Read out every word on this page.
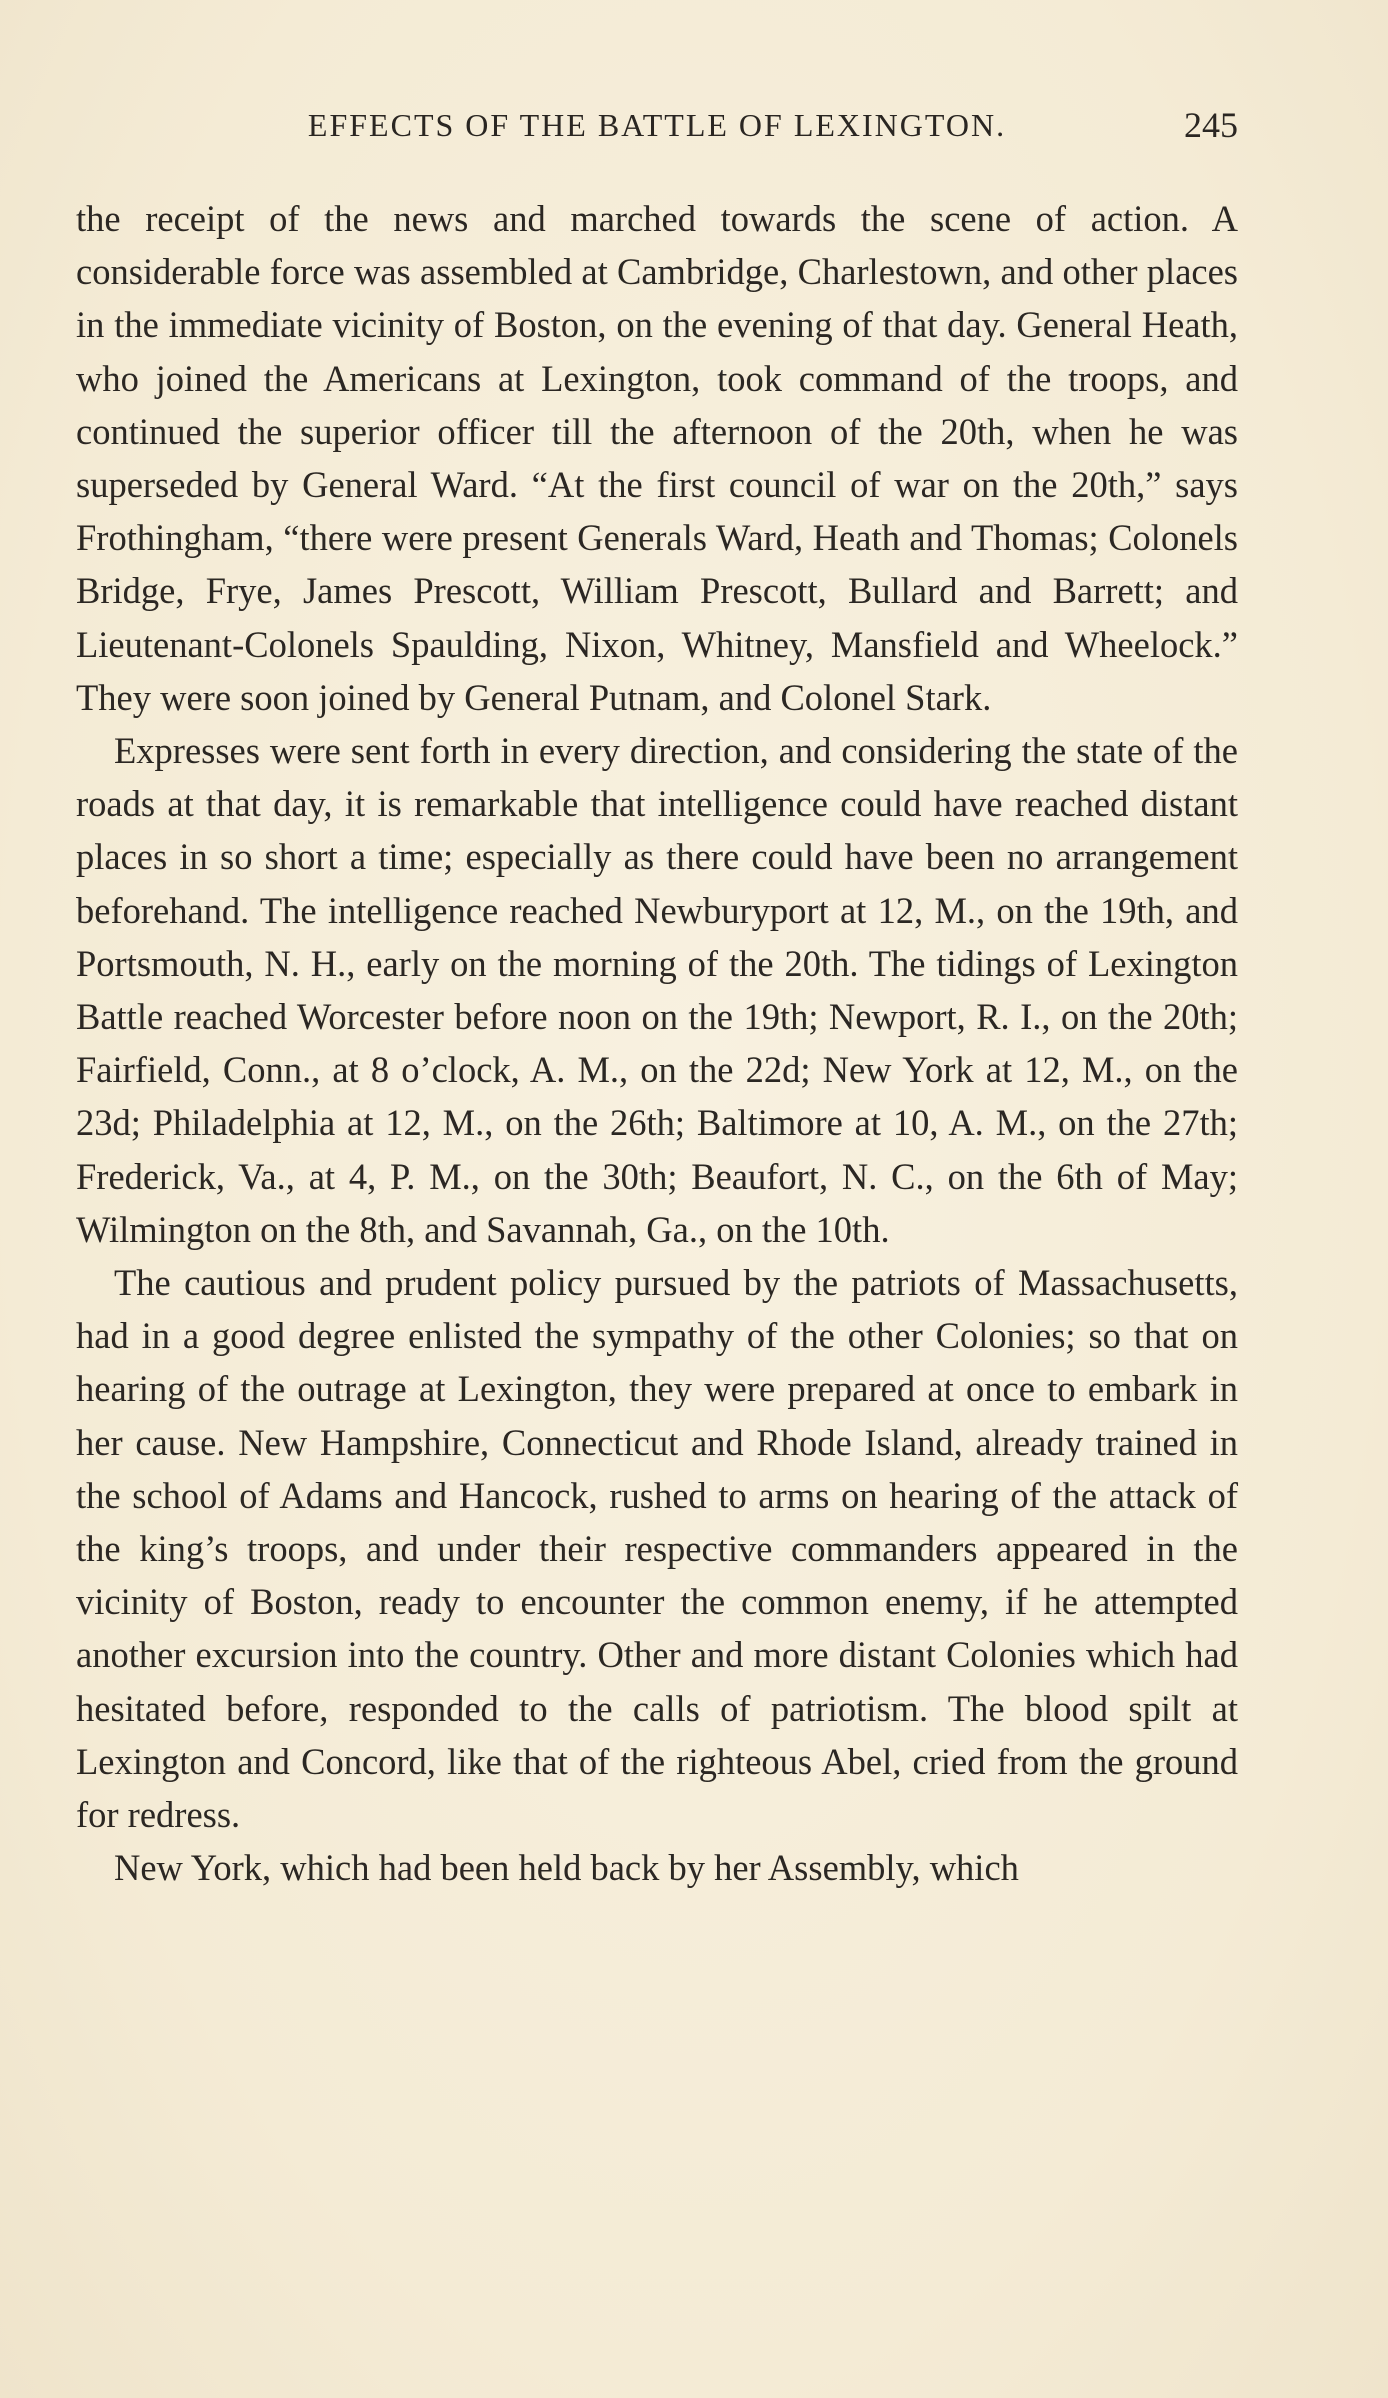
EFFECTS OF THE BATTLE OF LEXINGTON.	245

the receipt of the news and marched towards the scene of action. A considerable force was assembled at Cambridge, Charlestown, and other places in the immediate vicinity of Boston, on the evening of that day. General Heath, who joined the Americans at Lexington, took command of the troops, and continued the superior officer till the afternoon of the 20th, when he was superseded by General Ward. “At the first council of war on the 20th,” says Frothingham, “there were present Generals Ward, Heath and Thomas; Colonels Bridge, Frye, James Prescott, William Prescott, Bullard and Barrett; and Lieutenant-Colonels Spaulding, Nixon, Whitney, Mansfield and Wheelock.” They were soon joined by General Putnam, and Colonel Stark.

Expresses were sent forth in every direction, and considering the state of the roads at that day, it is remarkable that intelligence could have reached distant places in so short a time; especially as there could have been no arrangement beforehand. The intelligence reached Newburyport at 12, M., on the 19th, and Portsmouth, N. H., early on the morning of the 20th. The tidings of Lexington Battle reached Worcester before noon on the 19th; Newport, R. I., on the 20th; Fairfield, Conn., at 8 o’clock, A. M., on the 22d; New York at 12, M., on the 23d; Philadelphia at 12, M., on the 26th; Baltimore at 10, A. M., on the 27th; Frederick, Va., at 4, P. M., on the 30th; Beaufort, N. C., on the 6th of May; Wilmington on the 8th, and Savannah, Ga., on the 10th.

The cautious and prudent policy pursued by the patriots of Massachusetts, had in a good degree enlisted the sympathy of the other Colonies; so that on hearing of the outrage at Lexington, they were prepared at once to embark in her cause. New Hampshire, Connecticut and Rhode Island, already trained in the school of Adams and Hancock, rushed to arms on hearing of the attack of the king’s troops, and under their respective commanders appeared in the vicinity of Boston, ready to encounter the common enemy, if he attempted another excursion into the country. Other and more distant Colonies which had hesitated before, responded to the calls of patriotism. The blood spilt at Lexington and Concord, like that of the righteous Abel, cried from the ground for redress.

New York, which had been held back by her Assembly, which
